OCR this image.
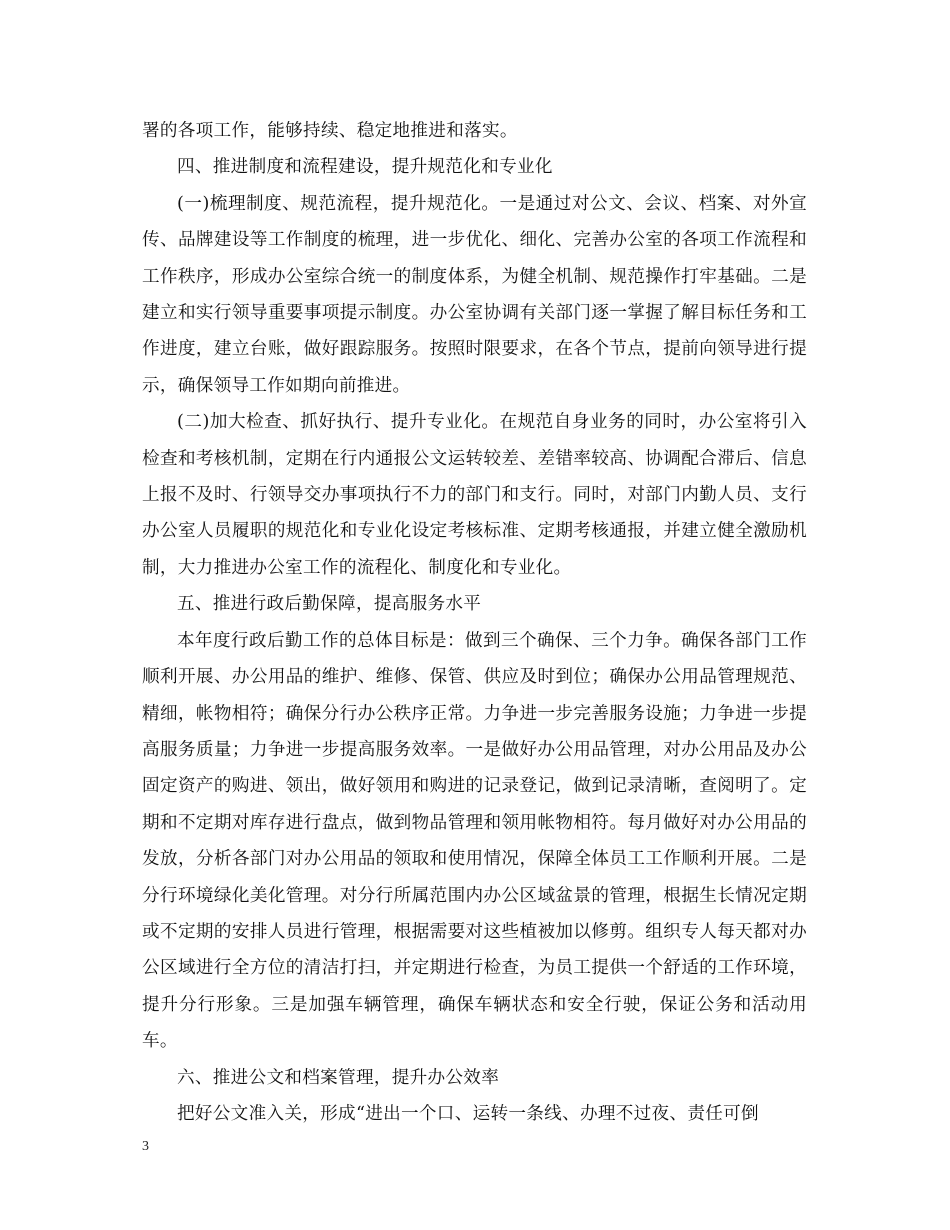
署的各项工作，能够持续、稳定地推进和落实。

四、推进制度和流程建设，提升规范化和专业化

(一)梳理制度、规范流程，提升规范化。一是通过对公文、会议、档案、对外宣传、品牌建设等工作制度的梳理，进一步优化、细化、完善办公室的各项工作流程和工作秩序，形成办公室综合统一的制度体系，为健全机制、规范操作打牢基础。二是建立和实行领导重要事项提示制度。办公室协调有关部门逐一掌握了解目标任务和工作进度，建立台账，做好跟踪服务。按照时限要求，在各个节点，提前向领导进行提示，确保领导工作如期向前推进。

(二)加大检查、抓好执行、提升专业化。在规范自身业务的同时，办公室将引入检查和考核机制，定期在行内通报公文运转较差、差错率较高、协调配合滞后、信息上报不及时、行领导交办事项执行不力的部门和支行。同时，对部门内勤人员、支行办公室人员履职的规范化和专业化设定考核标准、定期考核通报，并建立健全激励机制，大力推进办公室工作的流程化、制度化和专业化。

五、推进行政后勤保障，提高服务水平

本年度行政后勤工作的总体目标是：做到三个确保、三个力争。确保各部门工作顺利开展、办公用品的维护、维修、保管、供应及时到位；确保办公用品管理规范、精细，帐物相符；确保分行办公秩序正常。力争进一步完善服务设施；力争进一步提高服务质量；力争进一步提高服务效率。一是做好办公用品管理，对办公用品及办公固定资产的购进、领出，做好领用和购进的记录登记，做到记录清晰，查阅明了。定期和不定期对库存进行盘点，做到物品管理和领用帐物相符。每月做好对办公用品的发放，分析各部门对办公用品的领取和使用情况，保障全体员工工作顺利开展。二是分行环境绿化美化管理。对分行所属范围内办公区域盆景的管理，根据生长情况定期或不定期的安排人员进行管理，根据需要对这些植被加以修剪。组织专人每天都对办公区域进行全方位的清洁打扫，并定期进行检查，为员工提供一个舒适的工作环境，提升分行形象。三是加强车辆管理，确保车辆状态和安全行驶，保证公务和活动用车。

六、推进公文和档案管理，提升办公效率

把好公文准入关，形成“进出一个口、运转一条线、办理不过夜、责任可倒

3
